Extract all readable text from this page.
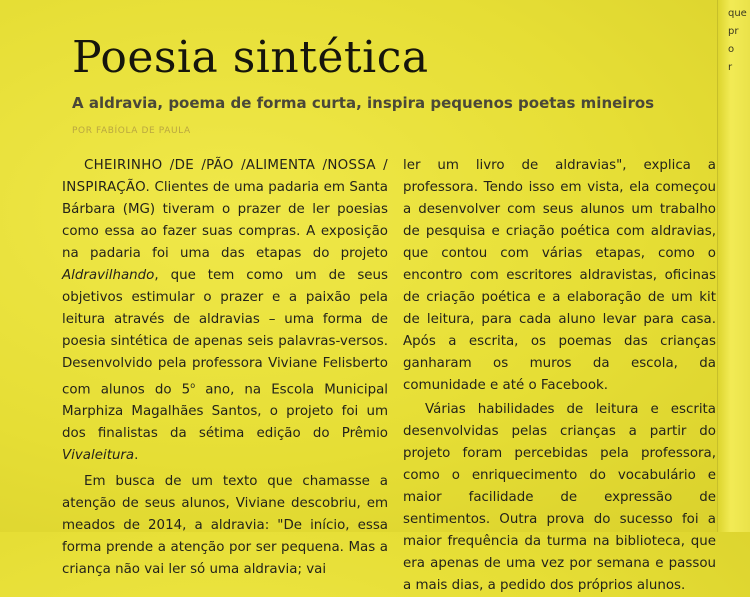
que
pr
o
r
Poesia sintética

A aldravia, poema de forma curta, inspira pequenos poetas mineiros

POR FABÍOLA DE PAULA

CHEIRINHO /DE /PÃO /ALIMENTA /NOSSA / INSPIRAÇÃO. Clientes de uma padaria em Santa Bárbara (MG) tiveram o prazer de ler poesias como essa ao fazer suas compras. A exposição na padaria foi uma das etapas do projeto Aldravilhando, que tem como um de seus objetivos estimular o prazer e a paixão pela leitura através de aldravias – uma forma de poesia sintética de apenas seis palavras-versos. Desenvolvido pela professora Viviane Felisberto com alunos do 5$^o$ ano, na Escola Municipal Marphiza Magalhães Santos, o projeto foi um dos finalistas da sétima edição do Prêmio Vivaleitura.

Em busca de um texto que chamasse a atenção de seus alunos, Viviane descobriu, em meados de 2014, a aldravia: "De início, essa forma prende a atenção por ser pequena. Mas a criança não vai ler só uma aldravia; vai

ler um livro de aldravias", explica a professora. Tendo isso em vista, ela começou a desenvolver com seus alunos um trabalho de pesquisa e criação poética com aldravias, que contou com várias etapas, como o encontro com escritores aldravistas, oficinas de criação poética e a elaboração de um kit de leitura, para cada aluno levar para casa. Após a escrita, os poemas das crianças ganharam os muros da escola, da comunidade e até o Facebook.

Várias habilidades de leitura e escrita desenvolvidas pelas crianças a partir do projeto foram percebidas pela professora, como o enriquecimento do vocabulário e maior facilidade de expressão de sentimentos. Outra prova do sucesso foi a maior frequência da turma na biblioteca, que era apenas de uma vez por semana e passou a mais dias, a pedido dos próprios alunos.
